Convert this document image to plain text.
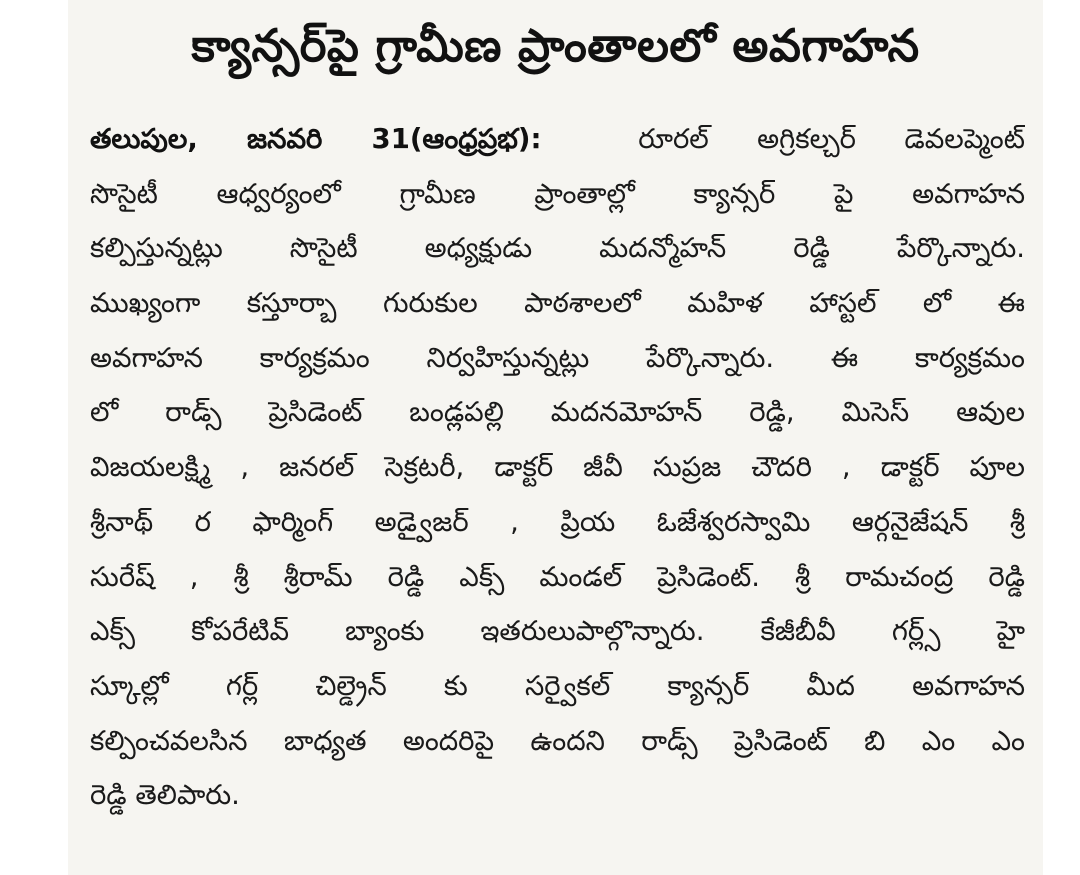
క్యాన్సర్‌పై గ్రామీణ ప్రాంతాలలో అవగాహన
తలుపుల, జనవరి 31(ఆంధ్రప్రభ):	రూరల్ అగ్రికల్చర్ డెవలప్మెంట్
సొసైటీ ఆధ్వర్యంలో గ్రామీణ ప్రాంతాల్లో క్యాన్సర్ పై అవగాహన
కల్పిస్తున్నట్లు సొసైటీ అధ్యక్షుడు మదన్మోహన్ రెడ్డి పేర్కొన్నారు.
ముఖ్యంగా కస్తూర్బా గురుకుల పాఠశాలలో మహిళ హాస్టల్ లో ఈ
అవగాహన కార్యక్రమం నిర్వహిస్తున్నట్లు పేర్కొన్నారు. ఈ కార్యక్రమం
లో రాడ్స్ ప్రెసిడెంట్ బండ్లపల్లి మదనమోహన్ రెడ్డి, మిసెస్ ఆవుల
విజయలక్ష్మి , జనరల్ సెక్రటరీ, డాక్టర్ జీవీ సుప్రజ చౌదరి , డాక్టర్ పూల
శ్రీనాథ్ ర ఫార్మింగ్ అడ్వైజర్ , ప్రియ ఓజేశ్వరస్వామి ఆర్గనైజేషన్ శ్రీ
సురేష్ , శ్రీ శ్రీరామ్ రెడ్డి ఎక్స్ మండల్ ప్రెసిడెంట్. శ్రీ రామచంద్ర రెడ్డి
ఎక్స్ కోపరేటివ్ బ్యాంకు ఇతరులుపాల్గొన్నారు. కేజీబీవీ గర్ల్స్ హై
స్కూల్లో గర్ల్ చిల్డ్రెన్ కు సర్వైకల్ క్యాన్సర్ మీద అవగాహన
కల్పించవలసిన బాధ్యత అందరిపై ఉందని రాడ్స్ ప్రెసిడెంట్ బి ఎం ఎం
రెడ్డి తెలిపారు.
